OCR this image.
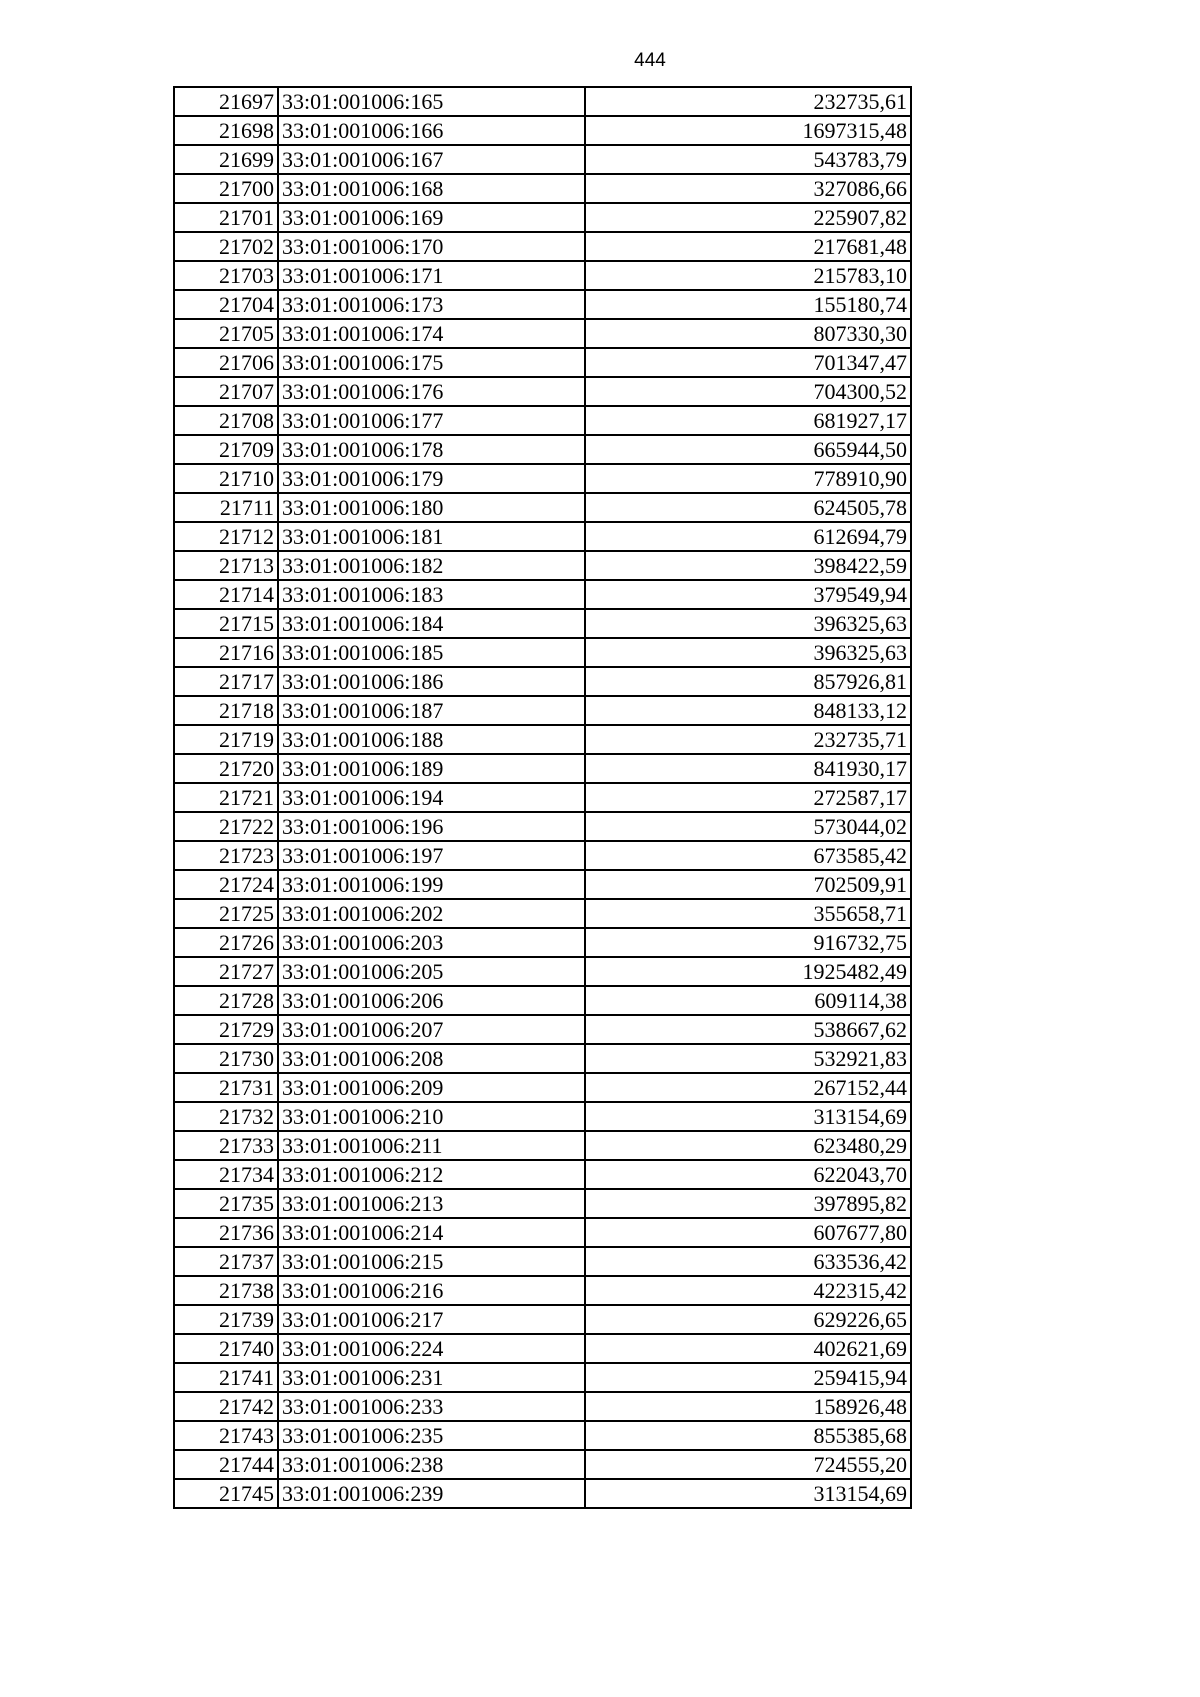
444
21697	33:01:001006:165	232735,61
21698	33:01:001006:166	1697315,48
21699	33:01:001006:167	543783,79
21700	33:01:001006:168	327086,66
21701	33:01:001006:169	225907,82
21702	33:01:001006:170	217681,48
21703	33:01:001006:171	215783,10
21704	33:01:001006:173	155180,74
21705	33:01:001006:174	807330,30
21706	33:01:001006:175	701347,47
21707	33:01:001006:176	704300,52
21708	33:01:001006:177	681927,17
21709	33:01:001006:178	665944,50
21710	33:01:001006:179	778910,90
21711	33:01:001006:180	624505,78
21712	33:01:001006:181	612694,79
21713	33:01:001006:182	398422,59
21714	33:01:001006:183	379549,94
21715	33:01:001006:184	396325,63
21716	33:01:001006:185	396325,63
21717	33:01:001006:186	857926,81
21718	33:01:001006:187	848133,12
21719	33:01:001006:188	232735,71
21720	33:01:001006:189	841930,17
21721	33:01:001006:194	272587,17
21722	33:01:001006:196	573044,02
21723	33:01:001006:197	673585,42
21724	33:01:001006:199	702509,91
21725	33:01:001006:202	355658,71
21726	33:01:001006:203	916732,75
21727	33:01:001006:205	1925482,49
21728	33:01:001006:206	609114,38
21729	33:01:001006:207	538667,62
21730	33:01:001006:208	532921,83
21731	33:01:001006:209	267152,44
21732	33:01:001006:210	313154,69
21733	33:01:001006:211	623480,29
21734	33:01:001006:212	622043,70
21735	33:01:001006:213	397895,82
21736	33:01:001006:214	607677,80
21737	33:01:001006:215	633536,42
21738	33:01:001006:216	422315,42
21739	33:01:001006:217	629226,65
21740	33:01:001006:224	402621,69
21741	33:01:001006:231	259415,94
21742	33:01:001006:233	158926,48
21743	33:01:001006:235	855385,68
21744	33:01:001006:238	724555,20
21745	33:01:001006:239	313154,69
